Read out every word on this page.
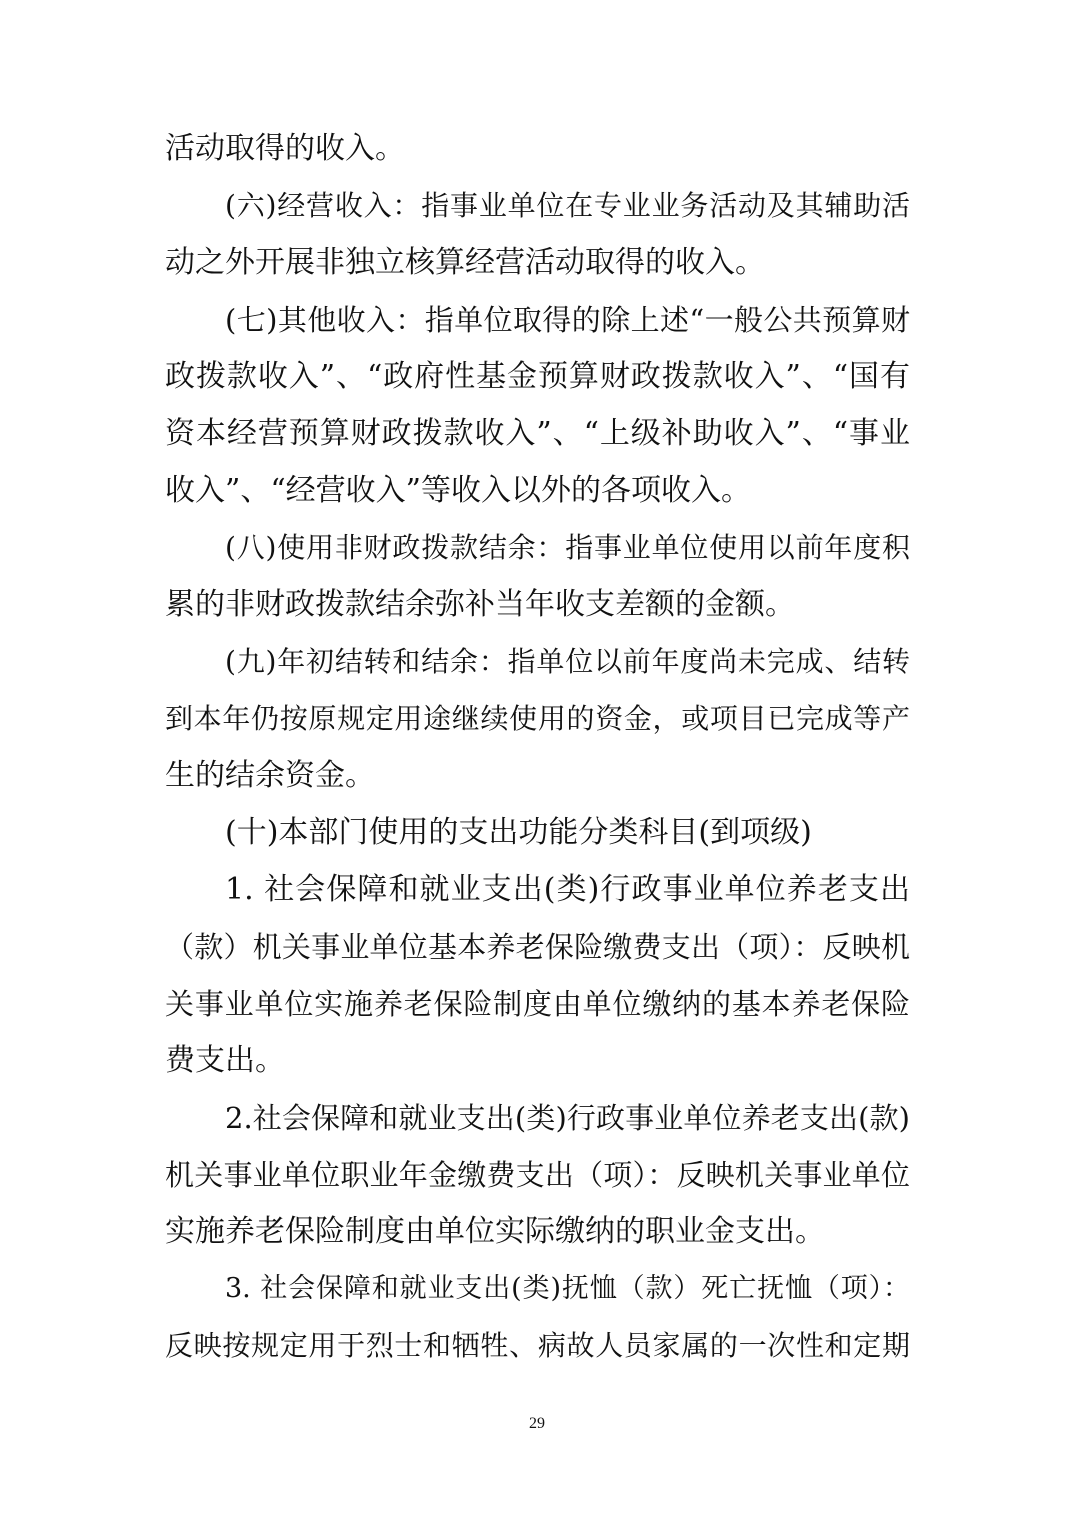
活动取得的收入。
(六)经营收入：指事业单位在专业业务活动及其辅助活
动之外开展非独立核算经营活动取得的收入。
(七)其他收入：指单位取得的除上述“一般公共预算财
政拨款收入”、“政府性基金预算财政拨款收入”、“国有
资本经营预算财政拨款收入”、“上级补助收入”、“事业
收入”、“经营收入”等收入以外的各项收入。
(八)使用非财政拨款结余：指事业单位使用以前年度积
累的非财政拨款结余弥补当年收支差额的金额。
(九)年初结转和结余：指单位以前年度尚未完成、结转
到本年仍按原规定用途继续使用的资金，或项目已完成等产
生的结余资金。
(十)本部门使用的支出功能分类科目(到项级)
1. 社会保障和就业支出(类)行政事业单位养老支出
（款）机关事业单位基本养老保险缴费支出（项）：反映机
关事业单位实施养老保险制度由单位缴纳的基本养老保险
费支出。
2.社会保障和就业支出(类)行政事业单位养老支出(款)
机关事业单位职业年金缴费支出（项）：反映机关事业单位
实施养老保险制度由单位实际缴纳的职业金支出。
3. 社会保障和就业支出(类)抚恤（款）死亡抚恤（项）：
反映按规定用于烈士和牺牲、病故人员家属的一次性和定期
29
